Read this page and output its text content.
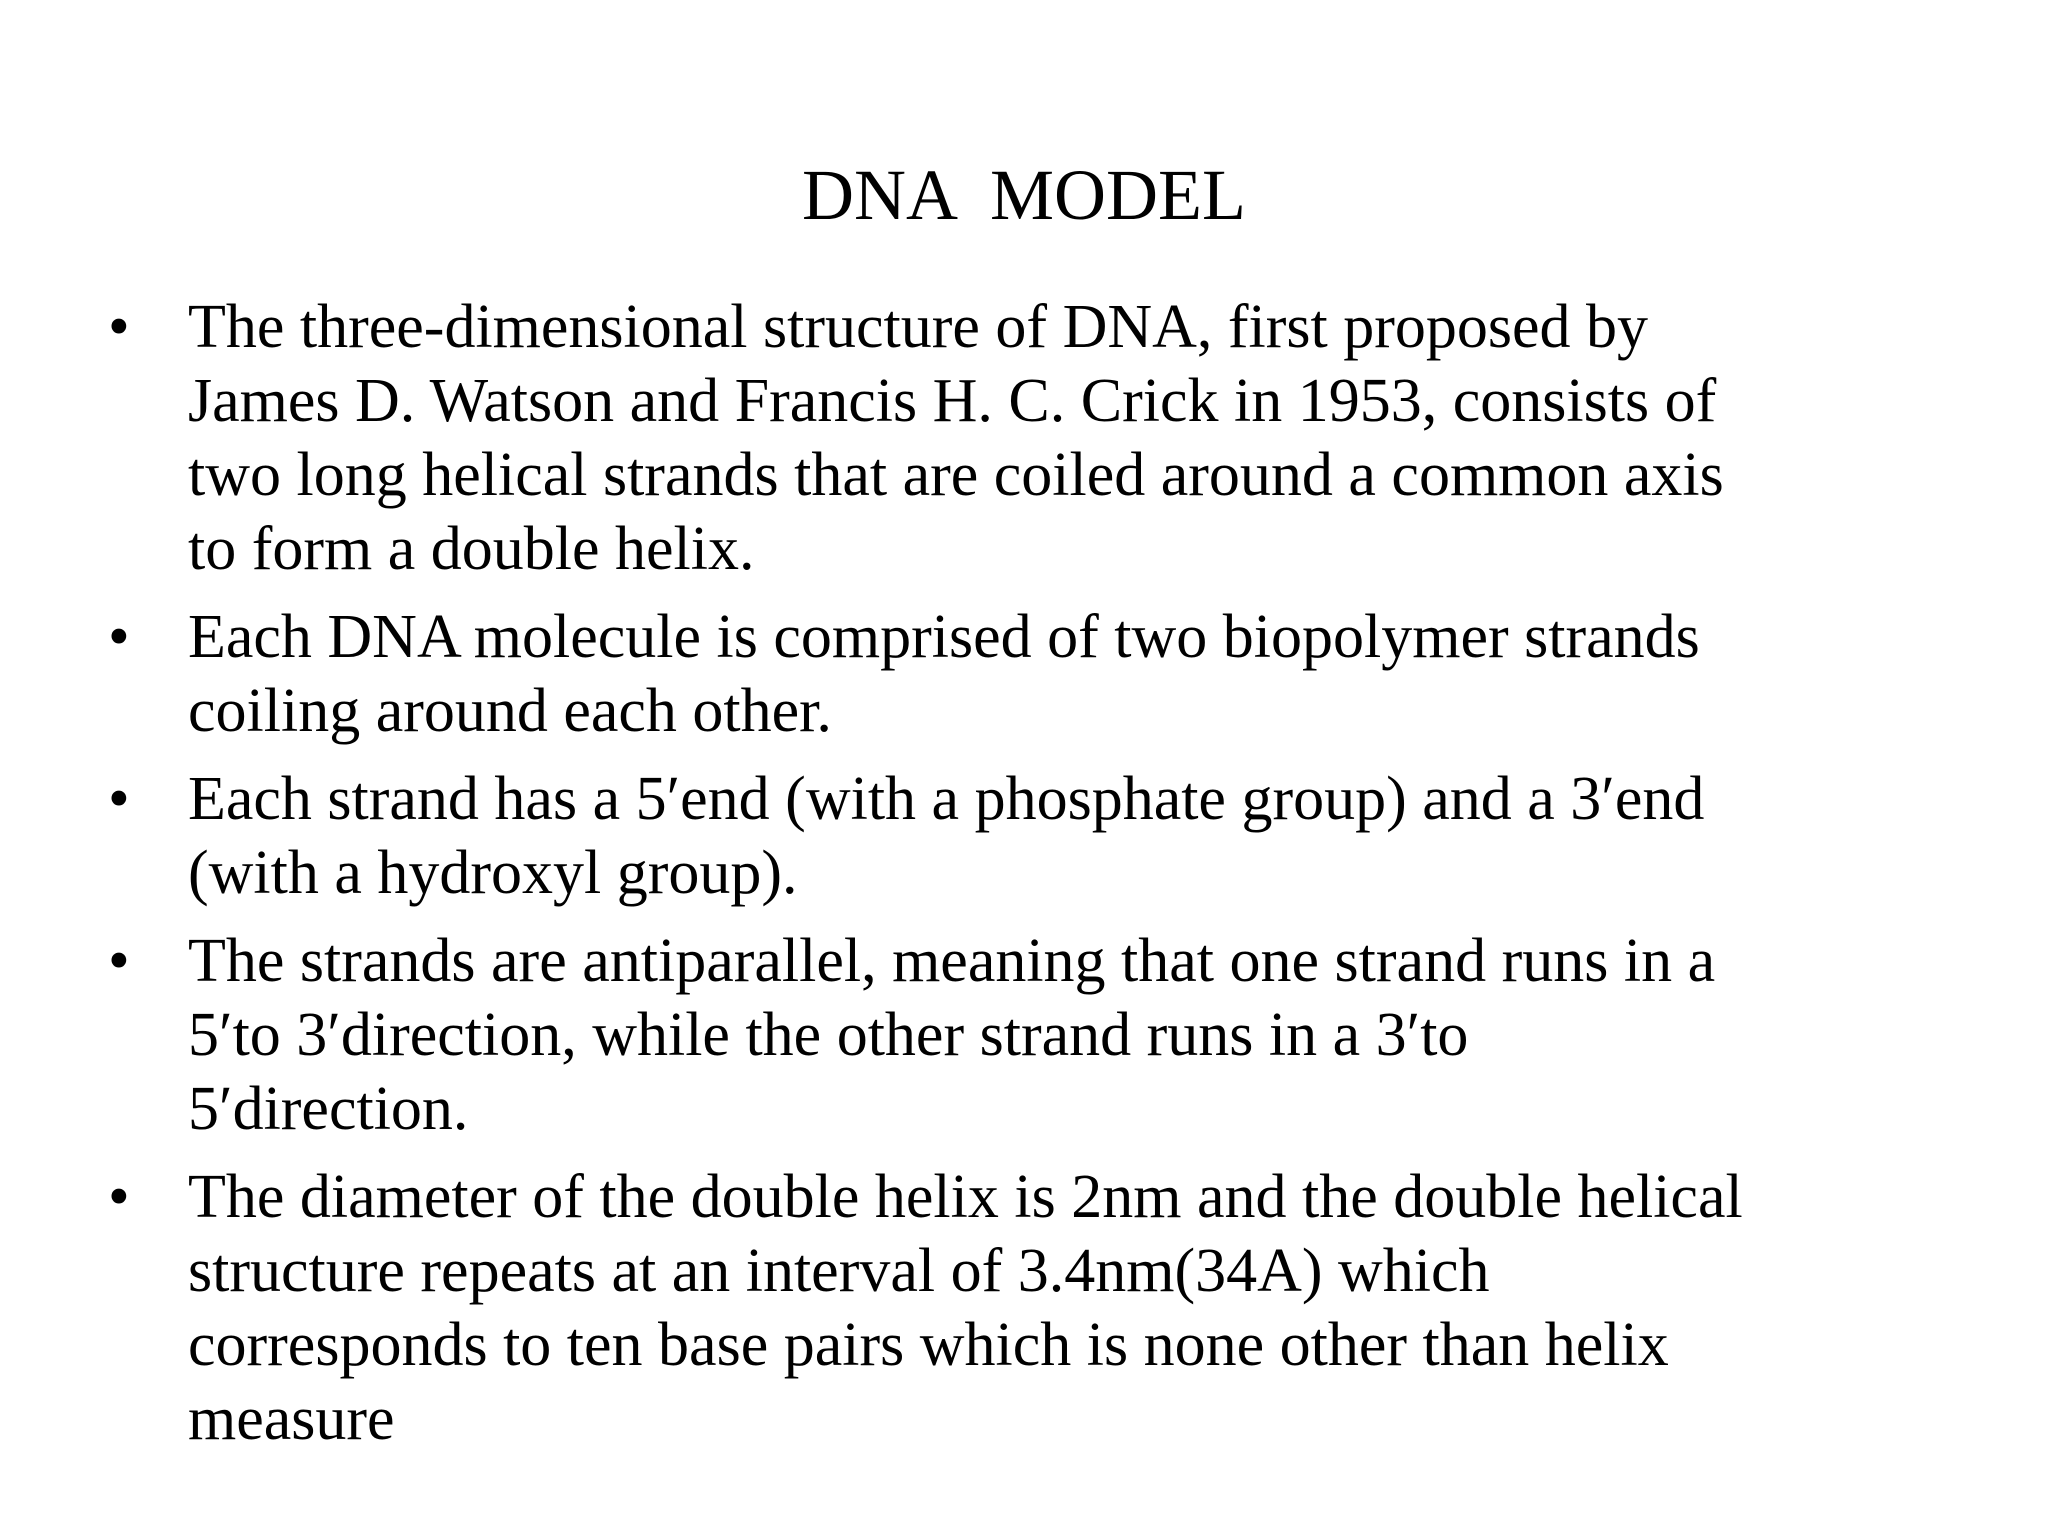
DNA  MODEL
• The three-dimensional structure of DNA, first proposed by
James D. Watson and Francis H. C. Crick in 1953, consists of
two long helical strands that are coiled around a common axis
to form a double helix.
• Each DNA molecule is comprised of two biopolymer strands
coiling around each other.
• Each strand has a 5′end (with a phosphate group) and a 3′end
(with a hydroxyl group).
• The strands are antiparallel, meaning that one strand runs in a
5′to 3′direction, while the other strand runs in a 3′to
5′direction.
• The diameter of the double helix is 2nm and the double helical
structure repeats at an interval of 3.4nm(34A) which
corresponds to ten base pairs which is none other than helix
measure
